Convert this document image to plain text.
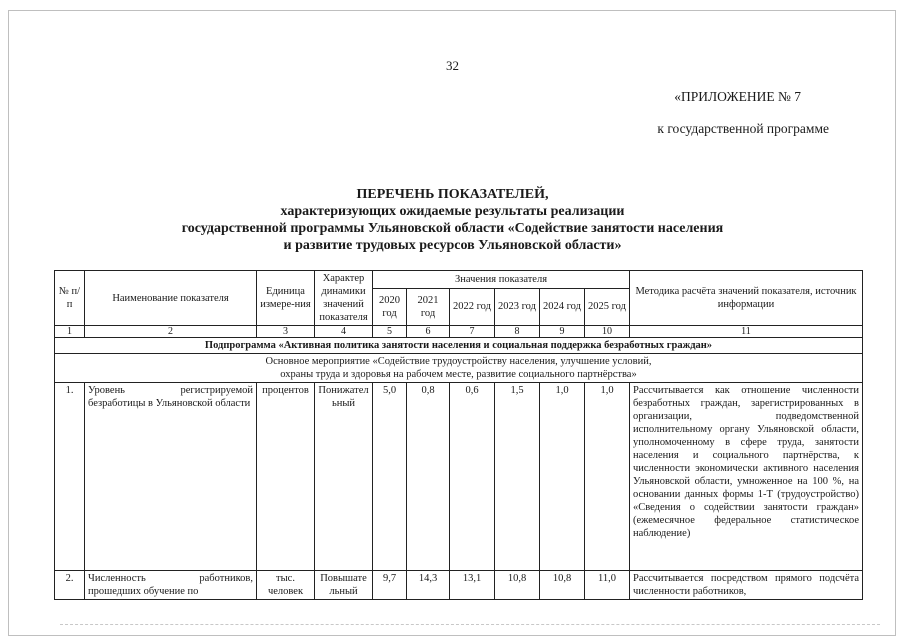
32
«ПРИЛОЖЕНИЕ № 7
к государственной программе
ПЕРЕЧЕНЬ ПОКАЗАТЕЛЕЙ,
характеризующих ожидаемые результаты реализации
государственной программы Ульяновской области «Содействие занятости населения
и развитие трудовых ресурсов Ульяновской области»
№ п/п	Наименование показателя	Единица измере-ния	Характер динамики значений показателя	Значения показателя						Методика расчёта значений показателя, источник информации
				2020 год	2021 год	2022 год	2023 год	2024 год	2025 год	
1	2	3	4	5	6	7	8	9	10	11
Подпрограмма «Активная политика занятости населения и социальная поддержка безработных граждан»										

Основное мероприятие «Содействие трудоустройству населения, улучшение условий,
охраны труда и здоровья на рабочем месте, развитие социального партнёрства»										

1.	Уровень регистрируемой безработицы в Ульяновской области	процентов	Понижательный	5,0	0,8	0,6	1,5	1,0	1,0	Рассчитывается как отношение численности безработных граждан, зарегистрированных в организации, подведомственной исполнительному органу Ульяновской области, уполномоченному в сфере труда, занятости населения и социального партнёрства, к численности экономически активного населения Ульяновской области, умноженное на 100 %, на основании данных формы 1-Т (трудоустройство) «Сведения о содействии занятости граждан» (ежемесячное федеральное статистическое наблюдение)
2.	Численность работников, прошедших обучение по	тыс. человек	Повышательный	9,7	14,3	13,1	10,8	10,8	11,0	Рассчитывается посредством прямого подсчёта численности работников,
